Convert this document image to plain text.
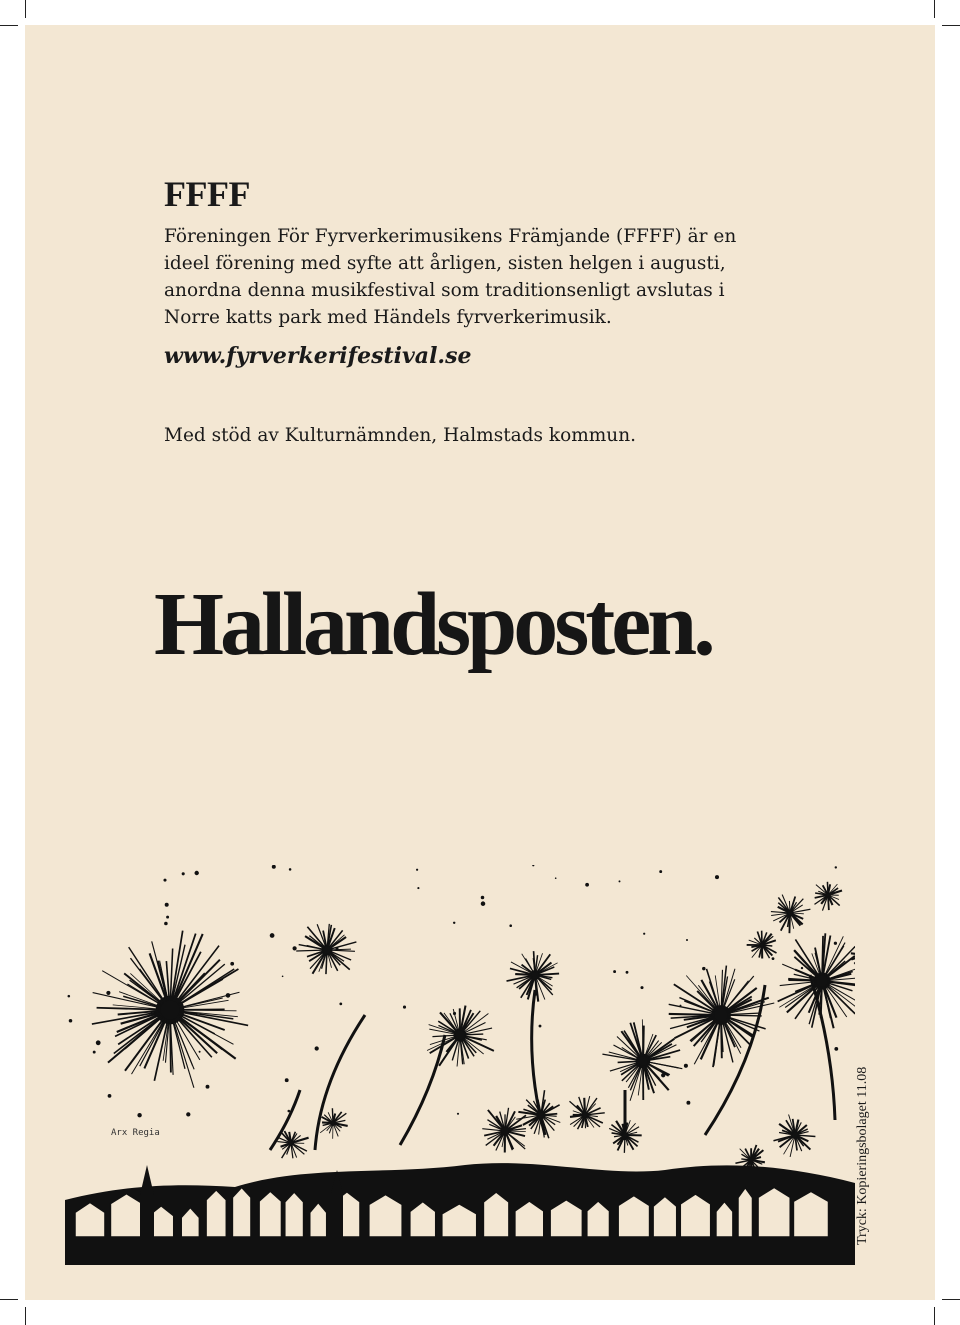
FFFF

Föreningen För Fyrverkerimusikens Främjande (FFFF) är en
ideel förening med syfte att årligen, sisten helgen i augusti,
anordna denna musikfestival som traditionsenligt avslutas i
Norre katts park med Händels fyrverkerimusik.

www.fyrverkerifestival.se

Med stöd av Kulturnämnden, Halmstads kommun.

Hallandsposten.

Arx Regia	Tryck: Kopieringsbolaget 11.08
